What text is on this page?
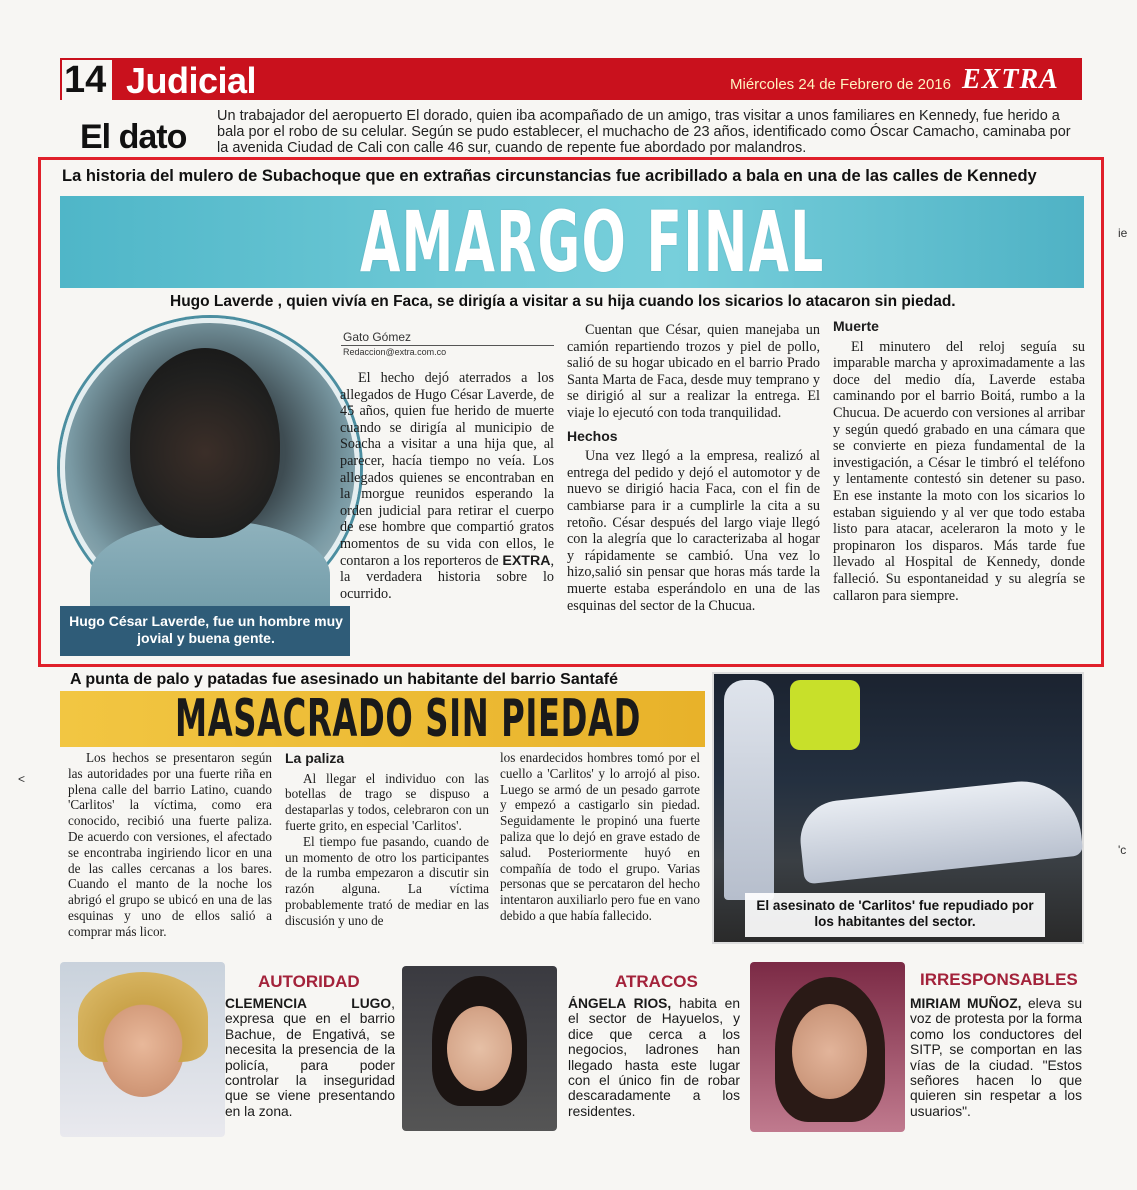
14 Judicial	Miércoles 24 de Febrero de 2016 EXTRA
El dato
Un trabajador del aeropuerto El dorado, quien iba acompañado de un amigo, tras visitar a unos familiares en Kennedy, fue herido a bala por el robo de su celular. Según se pudo establecer, el muchacho de 23 años, identificado como Óscar Camacho, caminaba por la avenida Ciudad de Cali con calle 46 sur, cuando de repente fue abordado por malandros.
La historia del mulero de Subachoque que en extrañas circunstancias fue acribillado a bala en una de las calles de Kennedy
AMARGO FINAL
Hugo Laverde , quien vivía en Faca, se dirigía a visitar a su hija cuando los sicarios lo atacaron sin piedad.
Hugo César Laverde, fue un hombre muy jovial y buena gente.
Gato Gómez
Redaccion@extra.com.co

El hecho dejó aterrados a los allegados de Hugo César Laverde, de 45 años, quien fue herido de muerte cuando se dirigía al municipio de Soacha a visitar a una hija que, al parecer, hacía tiempo no veía. Los allegados quienes se encontraban en la morgue reunidos esperando la orden judicial para retirar el cuerpo de ese hombre que compartió gratos momentos de su vida con ellos, le contaron a los reporteros de EXTRA, la verdadera historia sobre lo ocurrido.

Cuentan que César, quien manejaba un camión repartiendo trozos y piel de pollo, salió de su hogar ubicado en el barrio Prado Santa Marta de Faca, desde muy temprano y se dirigió al sur a realizar la entrega. El viaje lo ejecutó con toda tranquilidad.

Hechos

Una vez llegó a la empresa, realizó al entrega del pedido y dejó el automotor y de nuevo se dirigió hacia Faca, con el fin de cambiarse para ir a cumplirle la cita a su retoño. César después del largo viaje llegó con la alegría que lo caracterizaba al hogar y rápidamente se cambió. Una vez lo hizo,salió sin pensar que horas más tarde la muerte estaba esperándolo en una de las esquinas del sector de la Chucua.

Muerte

El minutero del reloj seguía su imparable marcha y aproximadamente a las doce del medio día, Laverde estaba caminando por el barrio Boitá, rumbo a la Chucua. De acuerdo con versiones al arribar y según quedó grabado en una cámara que se convierte en pieza fundamental de la investigación, a César le timbró el teléfono y lentamente contestó sin detener su paso. En ese instante la moto con los sicarios lo estaban siguiendo y al ver que todo estaba listo para atacar, aceleraron la moto y le propinaron los disparos. Más tarde fue llevado al Hospital de Kennedy, donde falleció. Su espontaneidad y su alegría se callaron para siempre.

A punta de palo y patadas fue asesinado un habitante del barrio Santafé
MASACRADO SIN PIEDAD

Los hechos se presentaron según las autoridades por una fuerte riña en plena calle del barrio Latino, cuando 'Carlitos' la víctima, como era conocido, recibió una fuerte paliza. De acuerdo con versiones, el afectado se encontraba ingiriendo licor en una de las calles cercanas a los bares. Cuando el manto de la noche los abrigó el grupo se ubicó en una de las esquinas y uno de ellos salió a comprar más licor.

La paliza

Al llegar el individuo con las botellas de trago se dispuso a destaparlas y todos, celebraron con un fuerte grito, en especial 'Carlitos'.

El tiempo fue pasando, cuando de un momento de otro los participantes de la rumba empezaron a discutir sin razón alguna. La víctima probablemente trató de mediar en las discusión y uno de

los enardecidos hombres tomó por el cuello a 'Carlitos' y lo arrojó al piso. Luego se armó de un pesado garrote y empezó a castigarlo sin piedad. Seguidamente le propinó una fuerte paliza que lo dejó en grave estado de salud. Posteriormente huyó en compañía de todo el grupo. Varias personas que se percataron del hecho intentaron auxiliarlo pero fue en vano debido a que había fallecido.

El asesinato de 'Carlitos' fue repudiado por los habitantes del sector.
AUTORIDAD
CLEMENCIA LUGO, expresa que en el barrio Bachue, de Engativá, se necesita la presencia de la policía, para poder controlar la inseguridad que se viene presentando en la zona.
ATRACOS
ÁNGELA RIOS, habita en el sector de Hayuelos, y dice que cerca a los negocios, ladrones han llegado hasta este lugar con el único fin de robar descaradamente a los residentes.
IRRESPONSABLES
MIRIAM MUÑOZ, eleva su voz de protesta por la forma como los conductores del SITP, se comportan en las vías de la ciudad. "Estos señores hacen lo que quieren sin respetar a los usuarios".
<
ie
'c
